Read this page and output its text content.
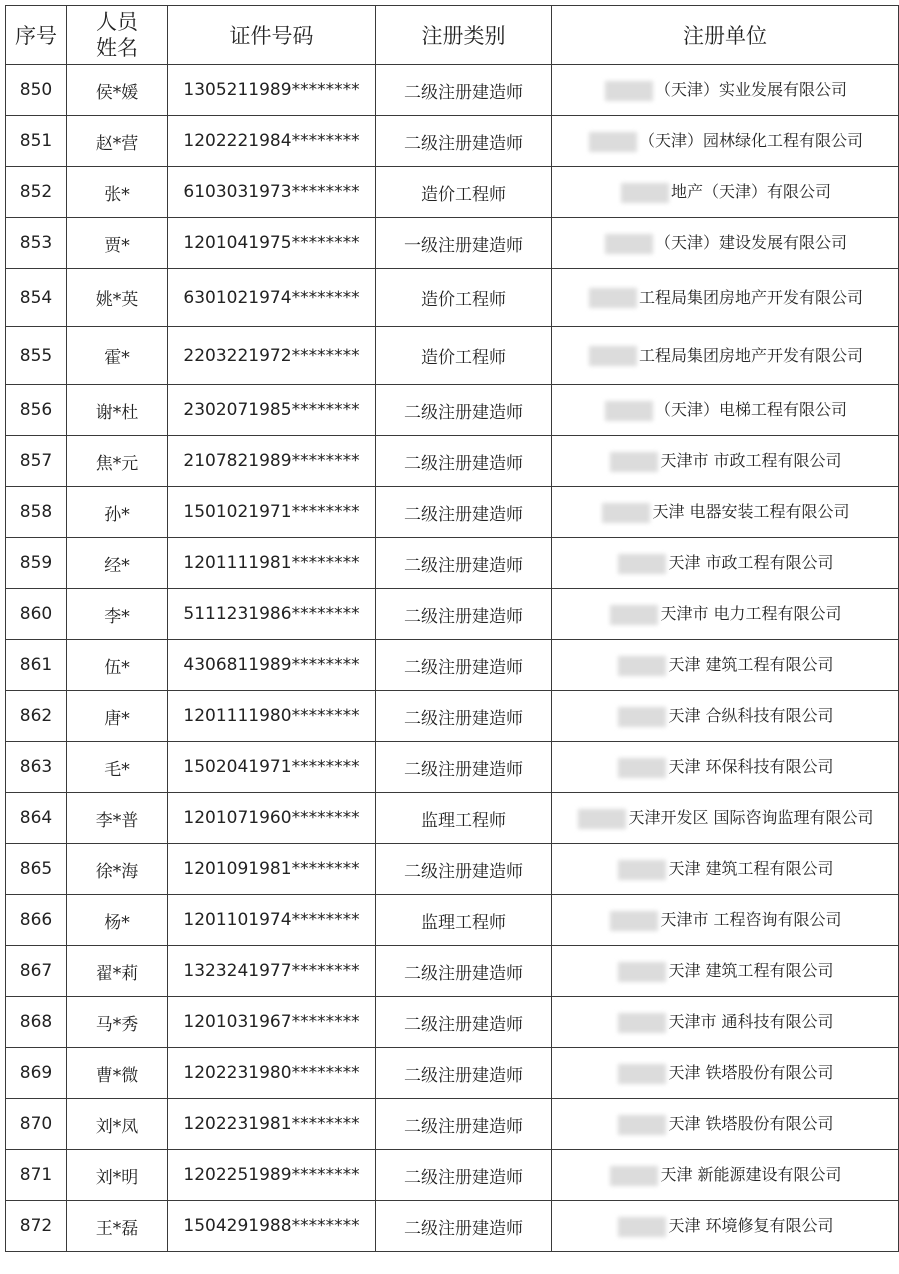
序号	人员姓名	证件号码	注册类别	注册单位
850	侯*媛	1305211989********	二级注册建造师	（天津）实业发展有限公司
851	赵*营	1202221984********	二级注册建造师	（天津）园林绿化工程有限公司
852	张*	6103031973********	造价工程师	地产（天津）有限公司
853	贾*	1201041975********	一级注册建造师	（天津）建设发展有限公司
854	姚*英	6301021974********	造价工程师	工程局集团房地产开发有限公司
855	霍*	2203221972********	造价工程师	工程局集团房地产开发有限公司
856	谢*杜	2302071985********	二级注册建造师	（天津）电梯工程有限公司
857	焦*元	2107821989********	二级注册建造师	天津市 市政工程有限公司
858	孙*	1501021971********	二级注册建造师	天津 电器安装工程有限公司
859	经*	1201111981********	二级注册建造师	天津 市政工程有限公司
860	李*	5111231986********	二级注册建造师	天津市 电力工程有限公司
861	伍*	4306811989********	二级注册建造师	天津 建筑工程有限公司
862	唐*	1201111980********	二级注册建造师	天津 合纵科技有限公司
863	毛*	1502041971********	二级注册建造师	天津 环保科技有限公司
864	李*普	1201071960********	监理工程师	天津开发区 国际咨询监理有限公司
865	徐*海	1201091981********	二级注册建造师	天津 建筑工程有限公司
866	杨*	1201101974********	监理工程师	天津市 工程咨询有限公司
867	翟*莉	1323241977********	二级注册建造师	天津 建筑工程有限公司
868	马*秀	1201031967********	二级注册建造师	天津市 通科技有限公司
869	曹*微	1202231980********	二级注册建造师	天津 铁塔股份有限公司
870	刘*凤	1202231981********	二级注册建造师	天津 铁塔股份有限公司
871	刘*明	1202251989********	二级注册建造师	天津 新能源建设有限公司
872	王*磊	1504291988********	二级注册建造师	天津 环境修复有限公司
